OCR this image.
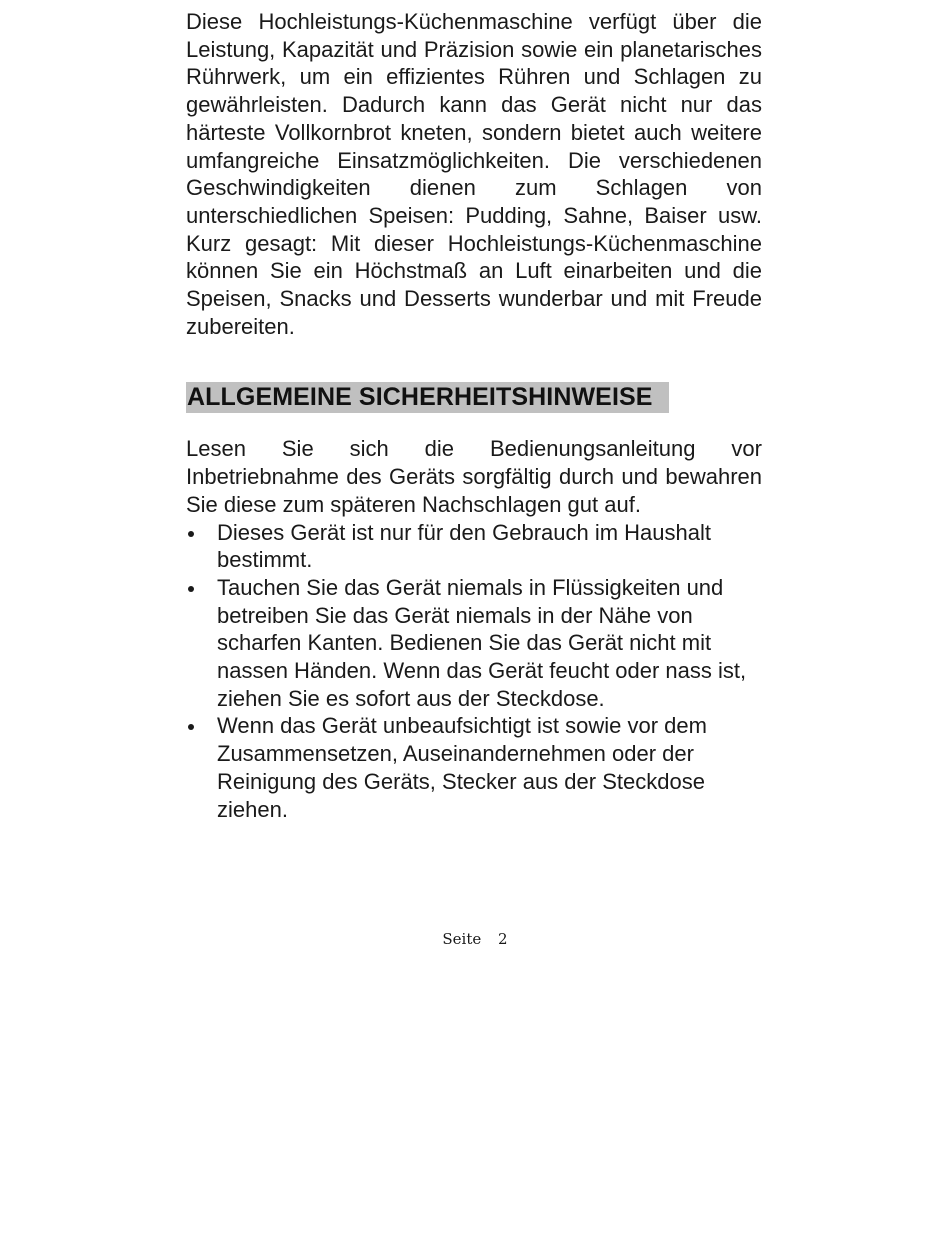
Diese Hochleistungs-Küchenmaschine verfügt über die Leistung, Kapazität und Präzision sowie ein planetarisches Rührwerk, um ein effizientes Rühren und Schlagen zu gewährleisten. Dadurch kann das Gerät nicht nur das härteste Vollkornbrot kneten, sondern bietet auch weitere umfangreiche Einsatzmöglichkeiten. Die verschiedenen Geschwindigkeiten dienen zum Schlagen von unterschiedlichen Speisen: Pudding, Sahne, Baiser usw. Kurz gesagt: Mit dieser Hochleistungs-Küchenmaschine können Sie ein Höchstmaß an Luft einarbeiten und die Speisen, Snacks und Desserts wunderbar und mit Freude zubereiten.

ALLGEMEINE SICHERHEITSHINWEISE

Lesen Sie sich die Bedienungsanleitung vor Inbetriebnahme des Geräts sorgfältig durch und bewahren Sie diese zum späteren Nachschlagen gut auf.

Dieses Gerät ist nur für den Gebrauch im Haushalt bestimmt.
Tauchen Sie das Gerät niemals in Flüssigkeiten und betreiben Sie das Gerät niemals in der Nähe von scharfen Kanten. Bedienen Sie das Gerät nicht mit nassen Händen. Wenn das Gerät feucht oder nass ist, ziehen Sie es sofort aus der Steckdose.
Wenn das Gerät unbeaufsichtigt ist sowie vor dem Zusammensetzen, Auseinandernehmen oder der Reinigung des Geräts, Stecker aus der Steckdose ziehen.
Seite 2
